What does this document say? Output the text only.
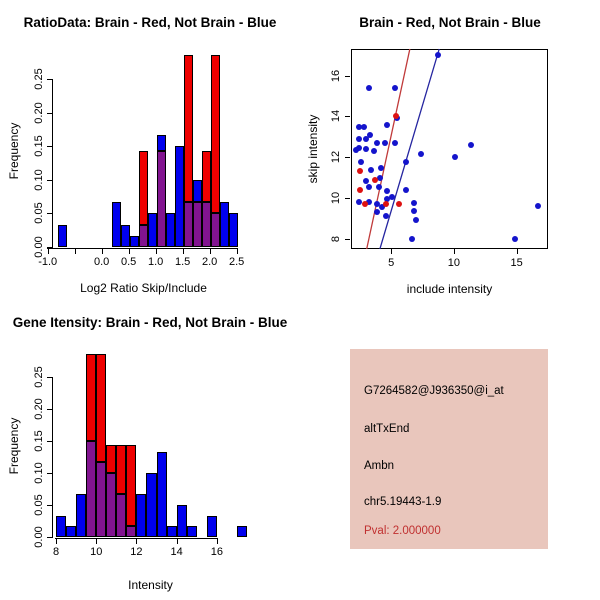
RatioData: Brain - Red, Not Brain - Blue
-1.0	0.0 0.5 1.0 1.5 2.0 2.5
0.00
0.05
0.10
0.15
0.20
0.25
Log2 Ratio Skip/Include
Frequency
Brain - Red, Not Brain - Blue
5	10	15
8
10
12
14
16
include intensity
skip intensity
Gene Itensity: Brain - Red, Not Brain - Blue
8	10	12	14	16
0.00
0.05
0.10
0.15
0.20
0.25
Intensity
Frequency
G7264582@J936350@i_at
altTxEnd
Ambn
chr5.19443-1.9
Pval: 2.000000
